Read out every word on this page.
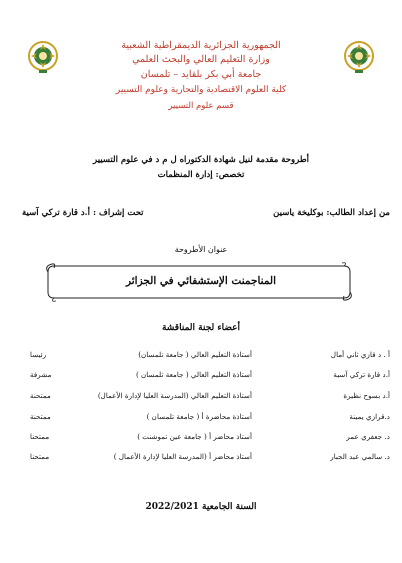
الجمهورية الجزائرية الديمقراطية الشعبية
وزارة التعليم العالي والبحث العلمي
جامعة أبي بكر بلقايد – تلمسان
كلية العلوم الاقتصادية والتجارية وعلوم التسيير
قسم علوم التسيير
أطروحة مقدمة لنيل شهادة الدكتوراه ل م د في علوم التسيير
تخصص: إدارة المنظمات
من إعداد الطالب: بوكليخة ياسين
تحت إشراف : أ.د قارة تركي آسية
عنوان الأطروحة
المناجمنت الإستشفائي في الجزائر
أعضاء لجنة المناقشة
أ . د قازي ثاني أمال
أستاذة التعليم العالي ( جامعة تلمسان)
رئيسا
أ.د قارة تركي آسية
أستاذة التعليم العالي ( جامعة تلمسان )
مشرفة
أ.د بسوح نظيرة
أستاذة التعليم العالي (المدرسة العليا لإدارة الأعمال)
ممتحنة
د.قرازي يمينة
أستاذة محاضرة أ ( جامعة تلمسان )
ممتحنة
د. جعفري عمر
أستاذ محاضر أ ( جامعة عين تموشنت )
ممتحنا
د. سالمي عبد الجبار
أستاذ محاضر أ (المدرسة العليا لإدارة الأعمال )
ممتحنا
السنة الجامعية 2022/2021
